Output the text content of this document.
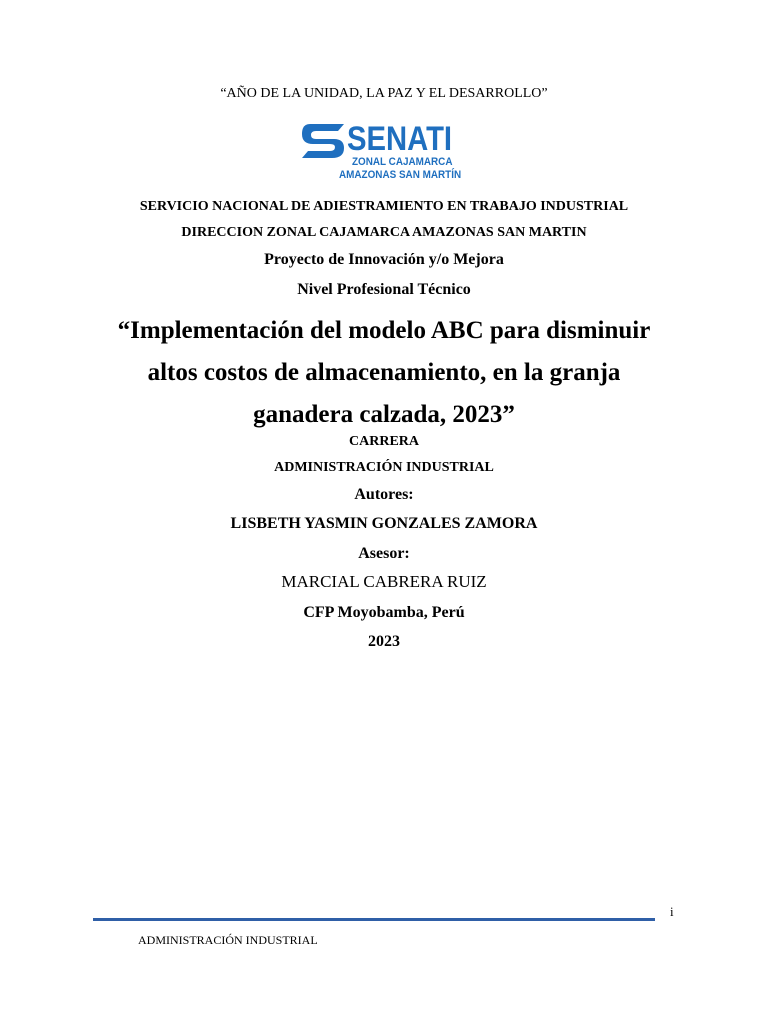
“AÑO DE LA UNIDAD, LA PAZ Y EL DESARROLLO”
SENATI
ZONAL CAJAMARCA
AMAZONAS SAN MARTÍN
SERVICIO NACIONAL DE ADIESTRAMIENTO EN TRABAJO INDUSTRIAL
DIRECCION ZONAL CAJAMARCA AMAZONAS SAN MARTIN
Proyecto de Innovación y/o Mejora
Nivel Profesional Técnico
“Implementación del modelo ABC para disminuir
altos costos de almacenamiento, en la granja
ganadera calzada, 2023”
CARRERA
ADMINISTRACIÓN INDUSTRIAL
Autores:
LISBETH YASMIN GONZALES ZAMORA
Asesor:
MARCIAL CABRERA RUIZ
CFP Moyobamba, Perú
2023
i
ADMINISTRACIÓN INDUSTRIAL
